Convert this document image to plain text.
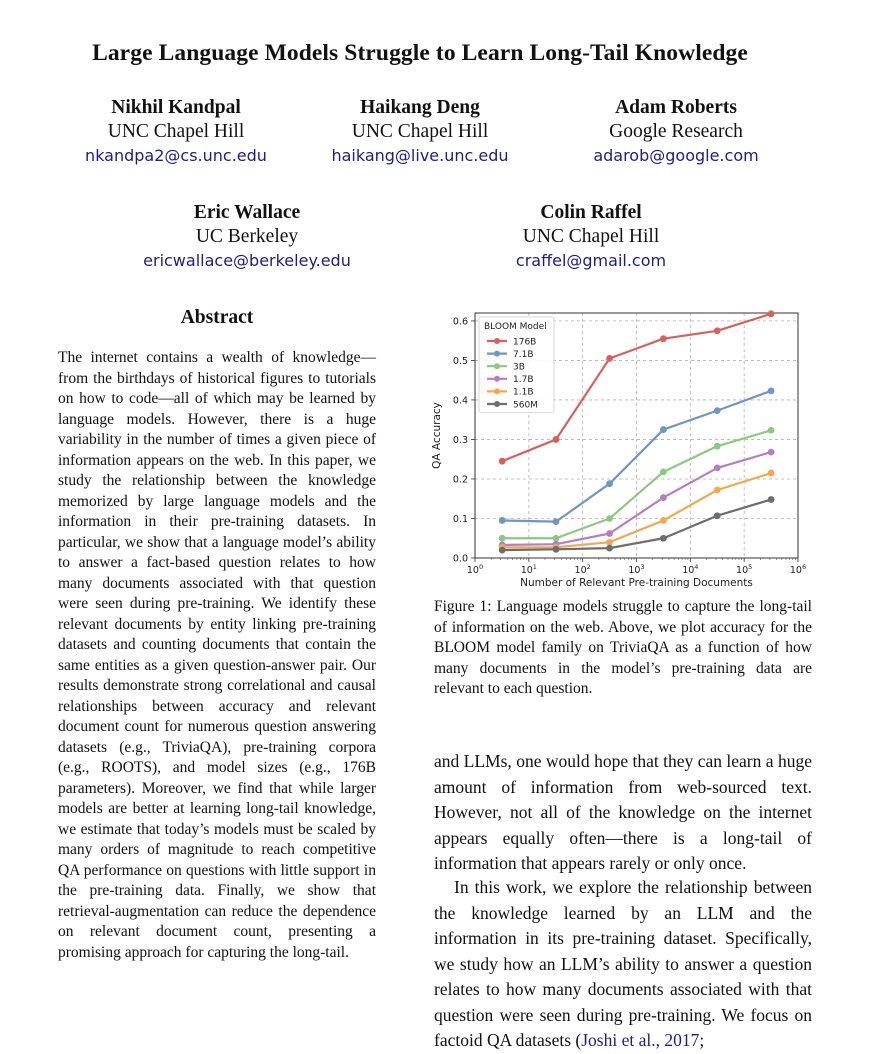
Large Language Models Struggle to Learn Long-Tail Knowledge
Nikhil Kandpal
UNC Chapel Hill
nkandpa2@cs.unc.edu
Haikang Deng
UNC Chapel Hill
haikang@live.unc.edu
Adam Roberts
Google Research
adarob@google.com
Eric Wallace
UC Berkeley
ericwallace@berkeley.edu
Colin Raffel
UNC Chapel Hill
craffel@gmail.com
Abstract
The internet contains a wealth of knowledge—from the birthdays of historical figures to tutorials on how to code—all of which may be learned by language models. However, there is a huge variability in the number of times a given piece of information appears on the web. In this paper, we study the relationship between the knowledge memorized by large language models and the information in their pre-training datasets. In particular, we show that a language model’s ability to answer a fact-based question relates to how many documents associated with that question were seen during pre-training. We identify these relevant documents by entity linking pre-training datasets and counting documents that contain the same entities as a given question-answer pair. Our results demonstrate strong correlational and causal relationships between accuracy and relevant document count for numerous question answering datasets (e.g., TriviaQA), pre-training corpora (e.g., ROOTS), and model sizes (e.g., 176B parameters). Moreover, we find that while larger models are better at learning long-tail knowledge, we estimate that today’s models must be scaled by many orders of magnitude to reach competitive QA performance on questions with little support in the pre-training data. Finally, we show that retrieval-augmentation can reduce the dependence on relevant document count, presenting a promising approach for capturing the long-tail.
0.0
0.1
0.2
0.3
0.4
0.5
0.6
$10^0$	$10^1$	$10^2$	$10^3$	$10^4$	$10^5$	$10^6$
Number of Relevant Pre-training Documents
QA Accuracy
BLOOM Model
176B
7.1B
3B
1.7B
1.1B
560M
Figure 1: Language models struggle to capture the long-tail of information on the web. Above, we plot accuracy for the BLOOM model family on TriviaQA as a function of how many documents in the model’s pre-training data are relevant to each question.
and LLMs, one would hope that they can learn a huge amount of information from web-sourced text. However, not all of the knowledge on the internet appears equally often—there is a long-tail of information that appears rarely or only once.
In this work, we explore the relationship between the knowledge learned by an LLM and the information in its pre-training dataset. Specifically, we study how an LLM’s ability to answer a question relates to how many documents associated with that question were seen during pre-training. We focus on factoid QA datasets (Joshi et al., 2017;
